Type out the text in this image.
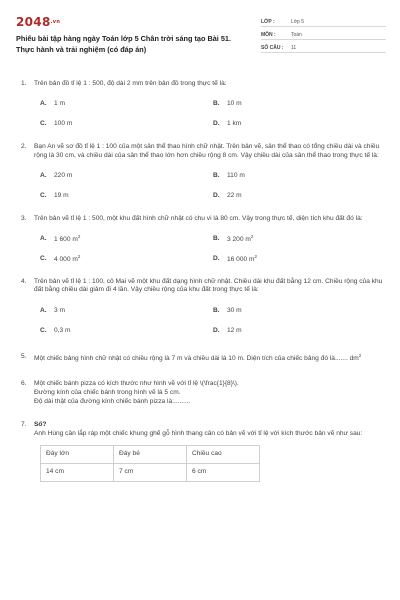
2048.vn
Phiếu bài tập hàng ngày Toán lớp 5 Chân trời sáng tạo Bài 51. Thực hành và trải nghiệm (có đáp án)
LỚP :	Lớp 5
MÔN :	Toán
SỐ CÂU :	11
1.	Trên bản đồ tỉ lệ 1 : 500, độ dài 2 mm trên bản đồ trong thực tế là:
A.	1 m	B.	10 m
C.	100 m	D.	1 km
2.	Bạn An vẽ sơ đồ tỉ lệ 1 : 100 của một sân thể thao hình chữ nhật. Trên bản vẽ, sân thể thao có tổng chiều dài và chiều rộng là 30 cm, và chiều dài của sân thể thao lớn hơn chiều rộng 8 cm. Vậy chiều dài của sân thể thao trong thực tế là:
A.	220 m	B.	110 m
C.	19 m	D.	22 m
3.	Trên bản vẽ tỉ lệ 1 : 500, một khu đất hình chữ nhật có chu vi là 80 cm. Vậy trong thực tế, diện tích khu đất đó là:
A.	1 600 $m^2$	B.	3 200 $m^2$
C.	4 000 $m^2$	D.	16 000 $m^2$
4.	Trên bản vẽ tỉ lệ 1 : 100, cô Mai vẽ một khu đất dạng hình chữ nhật. Chiều dài khu đất bằng 12 cm. Chiều rộng của khu đất bằng chiều dài giảm đi 4 lần. Vậy chiều rộng của khu đất trong thực tế là:
A.	3 m	B.	30 m
C.	0,3 m	D.	12 m
5.	Một chiếc bảng hình chữ nhật có chiều rộng là 7 m và chiều dài là 10 m. Diện tích của chiếc bảng đó là....... $dm^2$
6.	Một chiếc bánh pizza có kích thước như hình vẽ với tỉ lệ \(\frac{1}{8}\).
Đường kính của chiếc bánh trong hình vẽ là 5 cm.
Độ dài thật của đường kính chiếc bánh pizza là:.........
7.	Số?
Anh Hùng cần lắp ráp một chiếc khung ghế gỗ hình thang cân có bản vẽ với tỉ lệ với kích thước bản vẽ như sau:
Đáy lớn	Đáy bé	Chiều cao
14 cm	7 cm	6 cm
